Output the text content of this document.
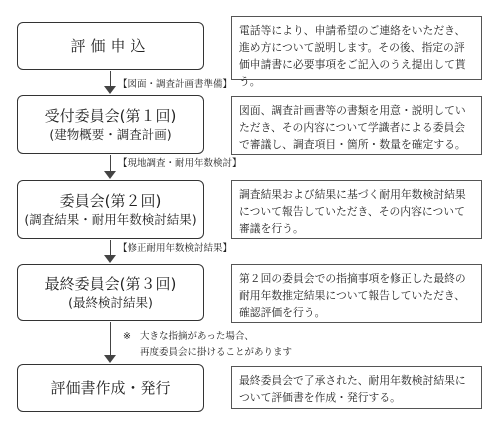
評価申込
受付委員会(第１回)
(建物概要・調査計画)
委員会(第２回)
(調査結果・耐用年数検討結果)
最終委員会(第３回)
(最終検討結果)
評価書作成・発行
電話等により、申請希望のご連絡をいただき、進め方について説明します。その後、指定の評価申請書に必要事項をご記入のうえ提出して貰う。
図面、調査計画書等の書類を用意・説明していただき、その内容について学識者による委員会で審議し、調査項目・箇所・数量を確定する。
調査結果および結果に基づく耐用年数検討結果について報告していただき、その内容について審議を行う。
第２回の委員会での指摘事項を修正した最終の耐用年数推定結果について報告していただき、確認評価を行う。
最終委員会で了承された、耐用年数検討結果について評価書を作成・発行する。
【図面・調査計画書準備】
【現地調査・耐用年数検討】
【修正耐用年数検討結果】
※ 大きな指摘があった場合、
再度委員会に掛けることがあります
